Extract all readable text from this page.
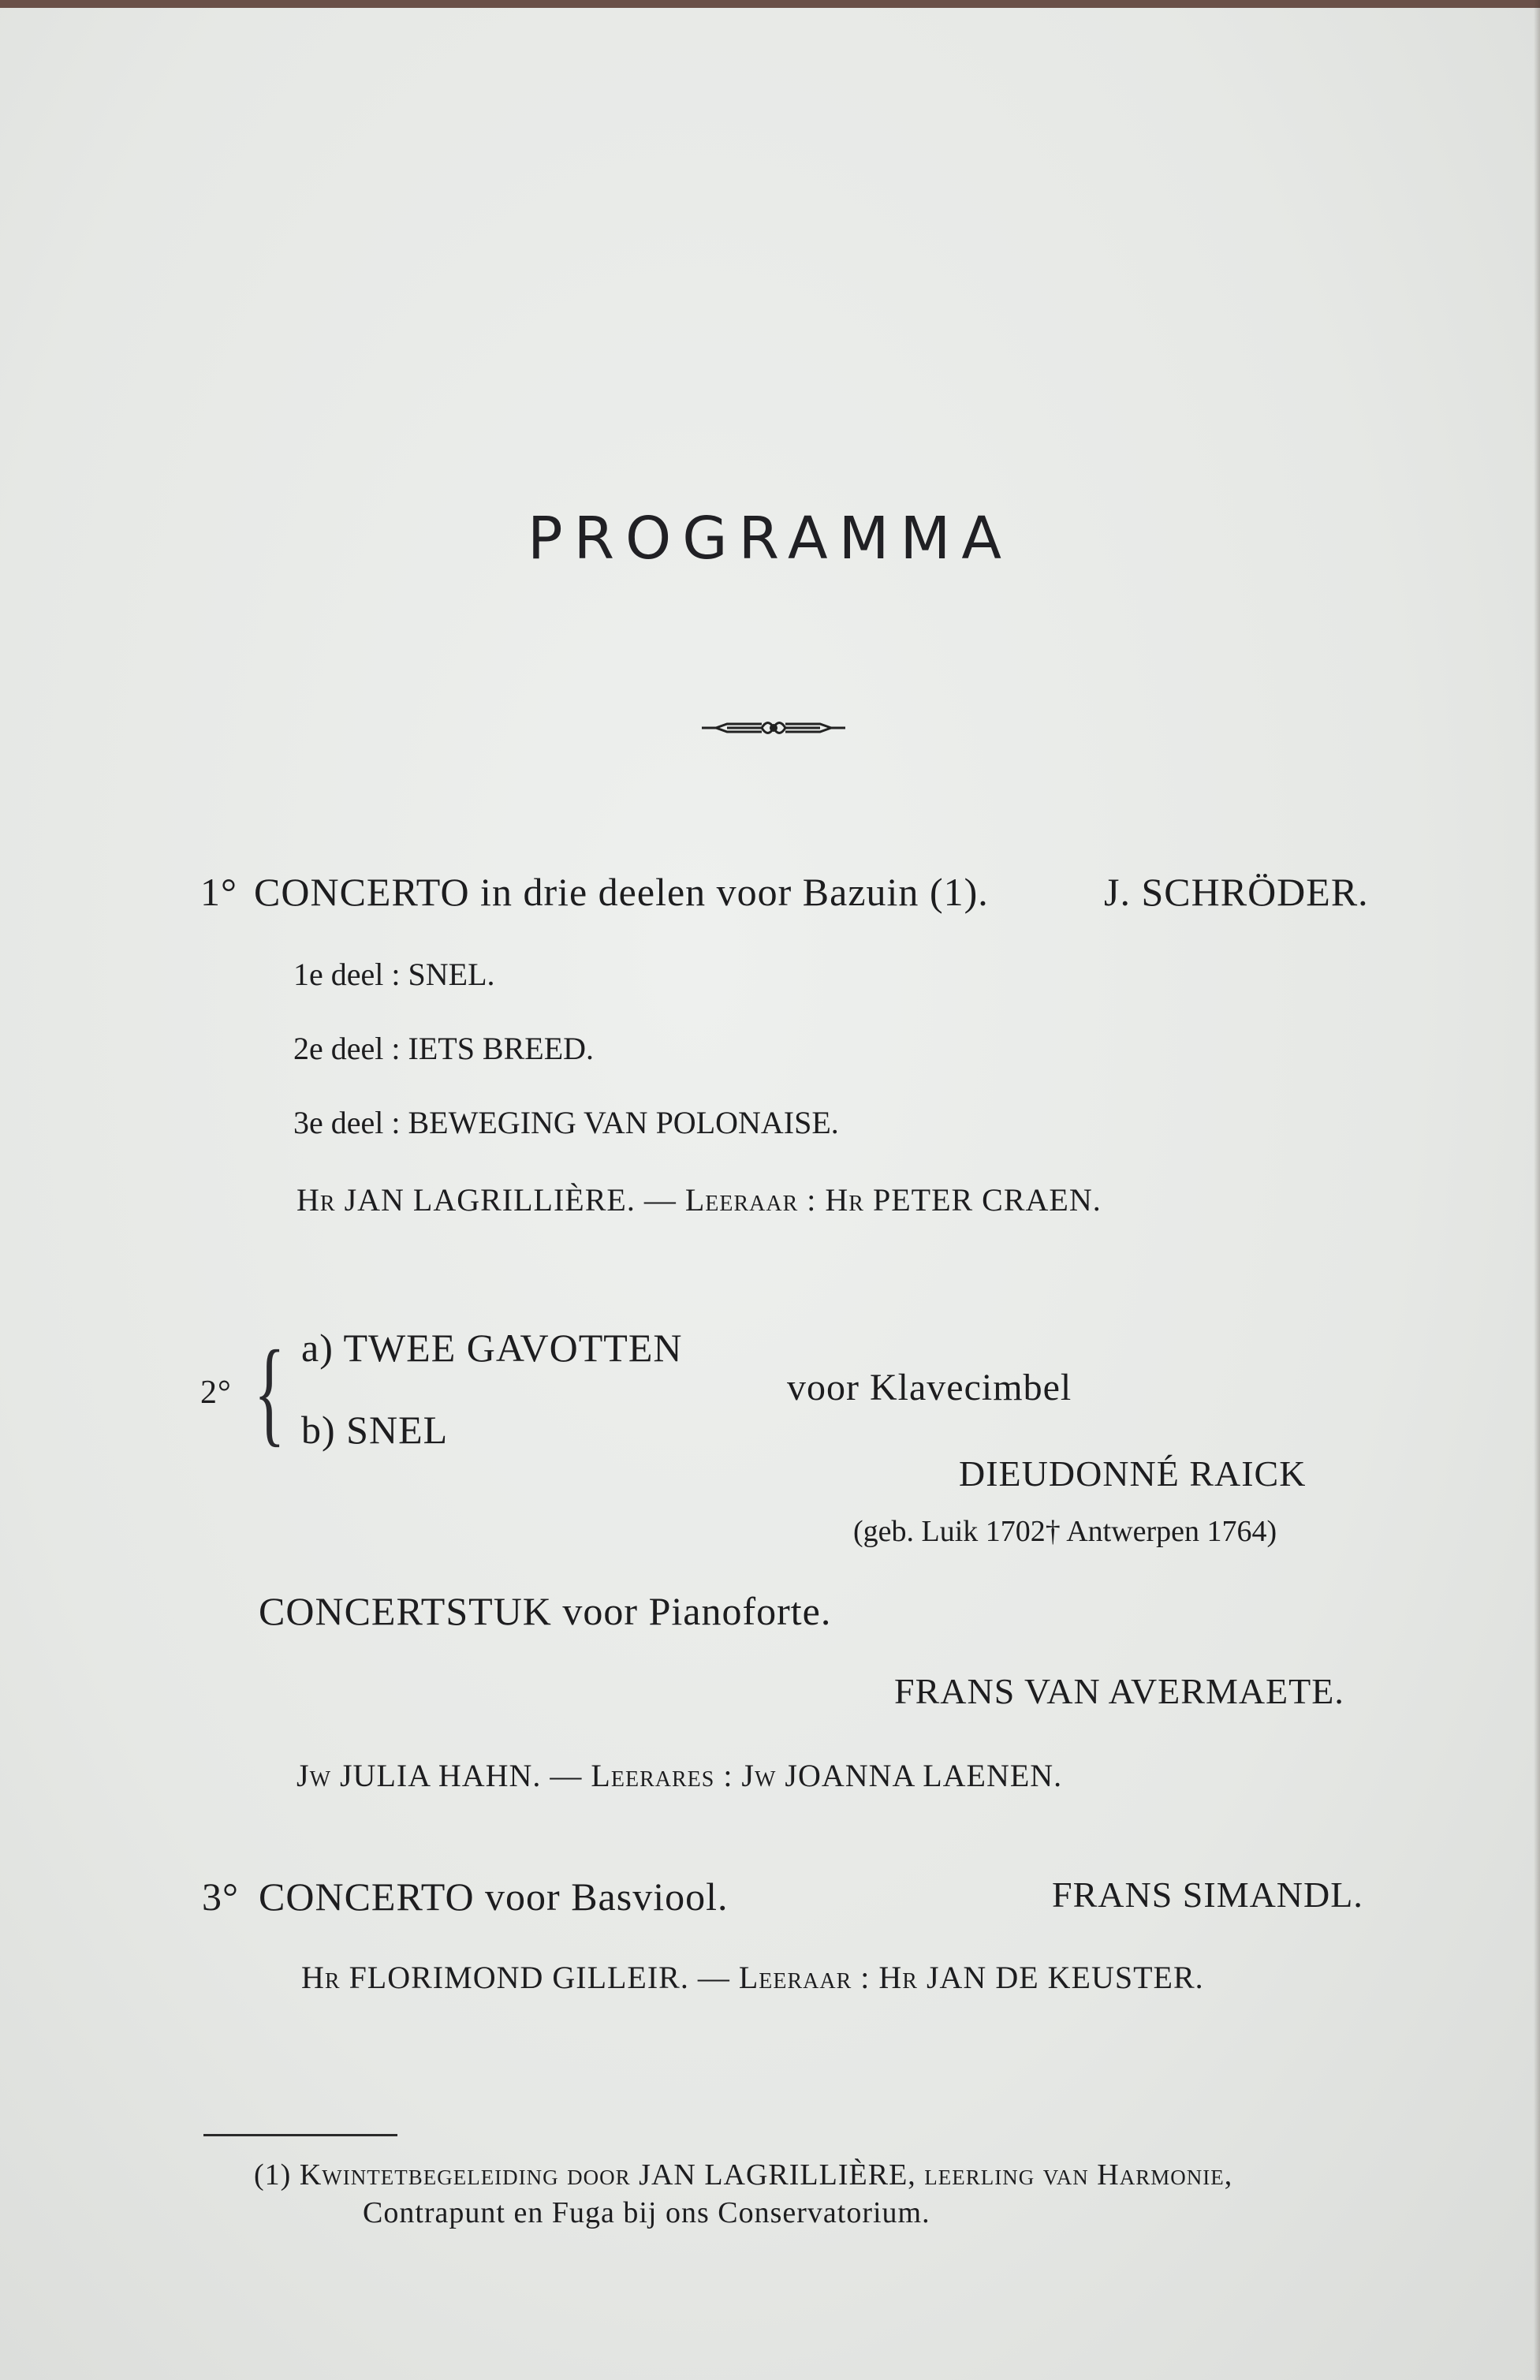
PROGRAMMA
1° CONCERTO in drie deelen voor Bazuin (1).	J. SCHRÖDER.
1e deel : SNEL.
2e deel : IETS BREED.
3e deel : BEWEGING VAN POLONAISE.
Hr JAN LAGRILLIÈRE. — Leeraar : Hr PETER CRAEN.
2° { a) TWEE GAVOTTEN
b) SNEL
voor Klavecimbel
DIEUDONNÉ RAICK
(geb. Luik 1702† Antwerpen 1764)
CONCERTSTUK voor Pianoforte.
FRANS VAN AVERMAETE.
Jw JULIA HAHN. — Leerares : Jw JOANNA LAENEN.
3° CONCERTO voor Basviool.	FRANS SIMANDL.
Hr FLORIMOND GILLEIR. — Leeraar : Hr JAN DE KEUSTER.
(1) Kwintetbegeleiding door JAN LAGRILLIÈRE, leerling van Harmonie,
Contrapunt en Fuga bij ons Conservatorium.
